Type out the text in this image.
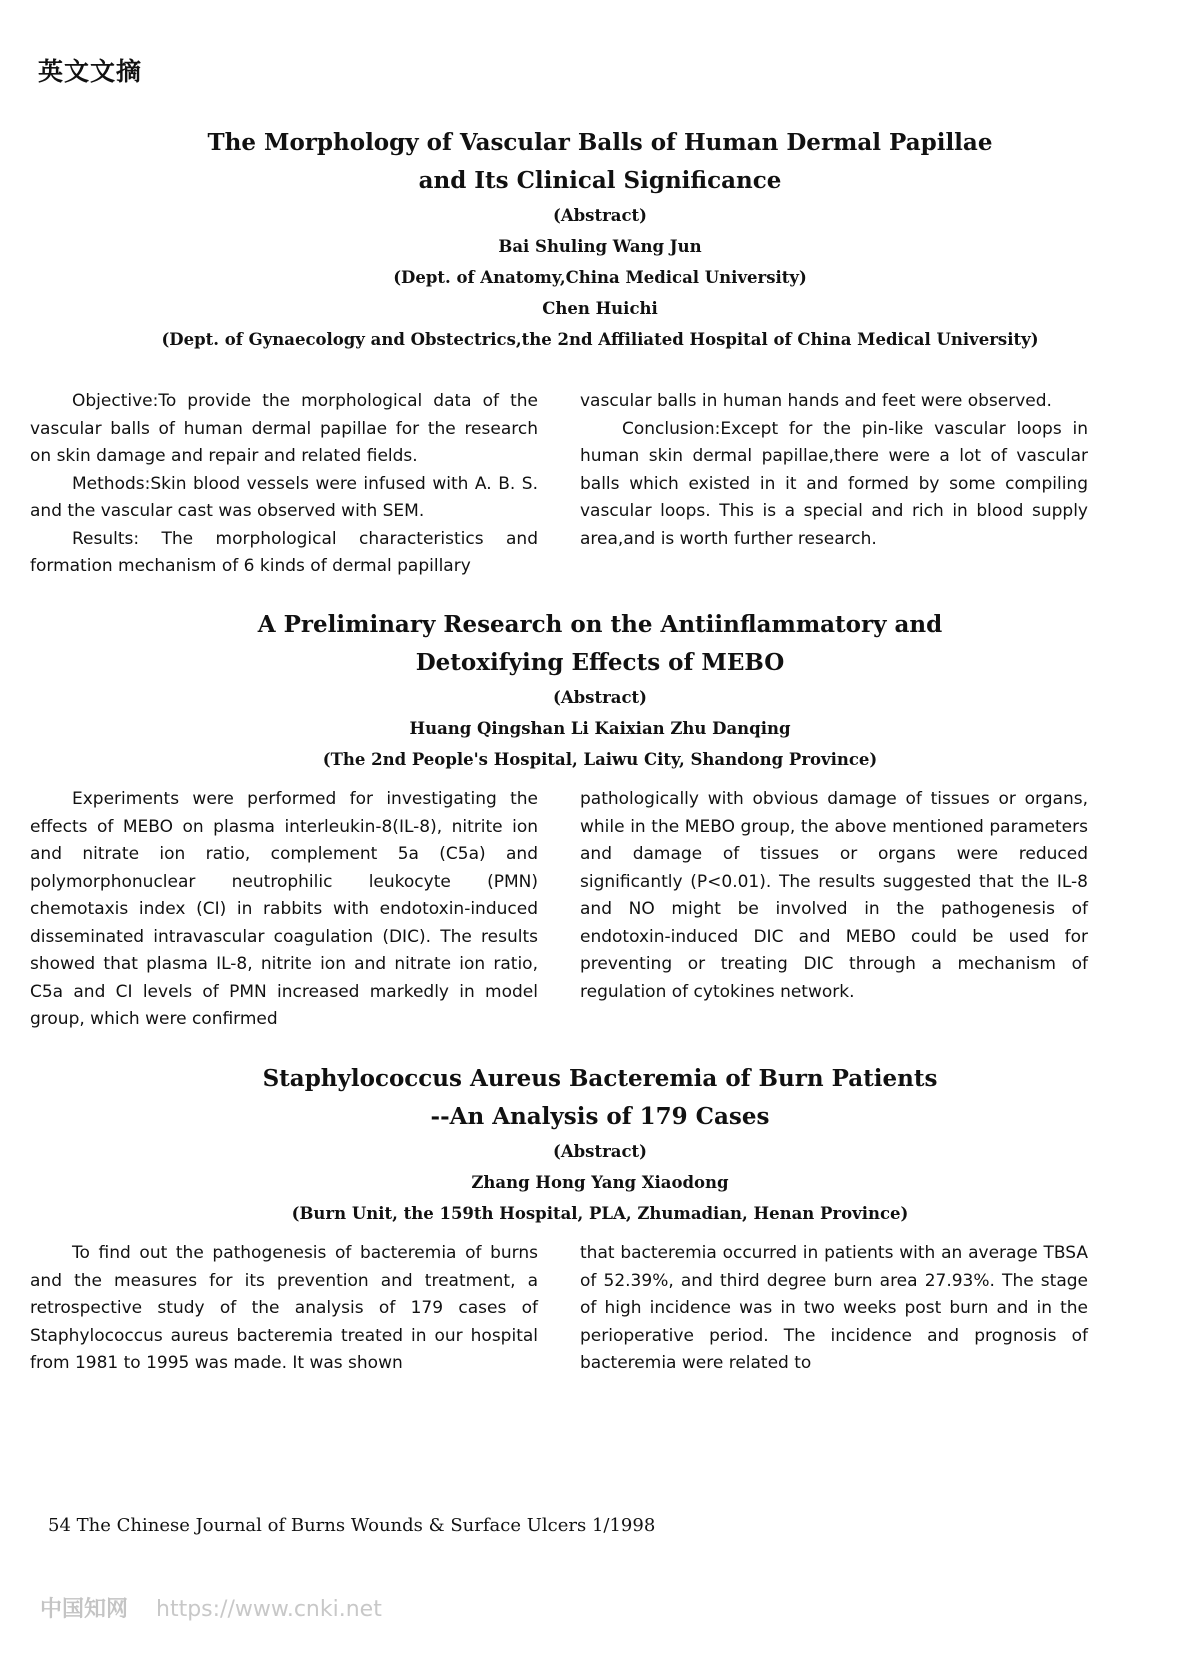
英文文摘

The Morphology of Vascular Balls of Human Dermal Papillae

and Its Clinical Significance

(Abstract)

Bai Shuling Wang Jun

(Dept. of Anatomy,China Medical University)

Chen Huichi

(Dept. of Gynaecology and Obstectrics,the 2nd Affiliated Hospital of China Medical University)

Objective:To provide the morphological data of the vascular balls of human dermal papillae for the research on skin damage and repair and related fields.

Methods:Skin blood vessels were infused with A. B. S. and the vascular cast was observed with SEM.

Results: The morphological characteristics and formation mechanism of 6 kinds of dermal papillary

vascular balls in human hands and feet were observed.

Conclusion:Except for the pin-like vascular loops in human skin dermal papillae,there were a lot of vascular balls which existed in it and formed by some compiling vascular loops. This is a special and rich in blood supply area,and is worth further research.

A Preliminary Research on the Antiinflammatory and

Detoxifying Effects of MEBO

(Abstract)

Huang Qingshan Li Kaixian Zhu Danqing

(The 2nd People's Hospital, Laiwu City, Shandong Province)

Experiments were performed for investigating the effects of MEBO on plasma interleukin-8(IL-8), nitrite ion and nitrate ion ratio, complement 5a (C5a) and polymorphonuclear neutrophilic leukocyte (PMN) chemotaxis index (CI) in rabbits with endotoxin-induced disseminated intravascular coagulation (DIC). The results showed that plasma IL-8, nitrite ion and nitrate ion ratio, C5a and CI levels of PMN increased markedly in model group, which were confirmed

pathologically with obvious damage of tissues or organs, while in the MEBO group, the above mentioned parameters and damage of tissues or organs were reduced significantly (P<0.01). The results suggested that the IL-8 and NO might be involved in the pathogenesis of endotoxin-induced DIC and MEBO could be used for preventing or treating DIC through a mechanism of regulation of cytokines network.

Staphylococcus Aureus Bacteremia of Burn Patients

--An Analysis of 179 Cases

(Abstract)

Zhang Hong Yang Xiaodong

(Burn Unit, the 159th Hospital, PLA, Zhumadian, Henan Province)

To find out the pathogenesis of bacteremia of burns and the measures for its prevention and treatment, a retrospective study of the analysis of 179 cases of Staphylococcus aureus bacteremia treated in our hospital from 1981 to 1995 was made. It was shown

that bacteremia occurred in patients with an average TBSA of 52.39%, and third degree burn area 27.93%. The stage of high incidence was in two weeks post burn and in the perioperative period. The incidence and prognosis of bacteremia were related to

54 The Chinese Journal of Burns Wounds & Surface Ulcers 1/1998
中国知网 https://www.cnki.net
